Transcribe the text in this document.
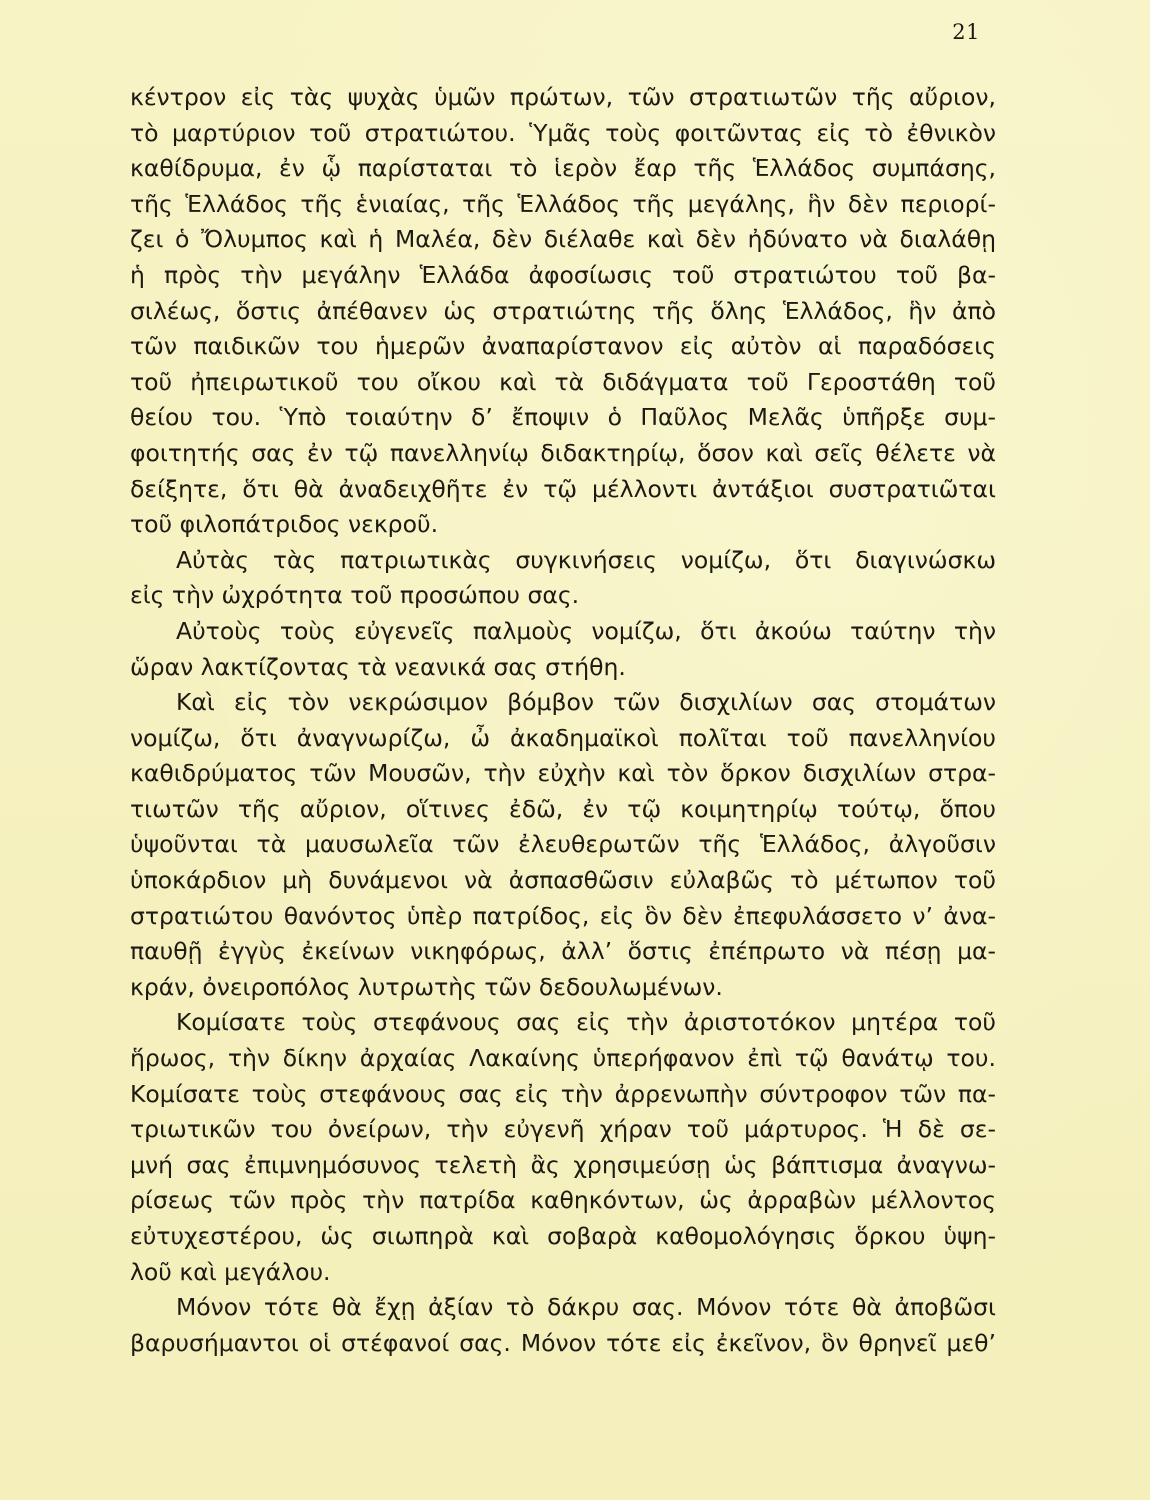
21
κέντρον εἰς τὰς ψυχὰς ὑμῶν πρώτων, τῶν στρατιωτῶν τῆς αὔριον,
τὸ μαρτύριον τοῦ στρατιώτου. Ὑμᾶς τοὺς φοιτῶντας εἰς τὸ ἐθνικὸν
καθίδρυμα, ἐν ᾧ παρίσταται τὸ ἱερὸν ἔαρ τῆς Ἑλλάδος συμπάσης,
τῆς Ἑλλάδος τῆς ἑνιαίας, τῆς Ἑλλάδος τῆς μεγάλης, ἣν δὲν περιορί-
ζει ὁ Ὄλυμπος καὶ ἡ Μαλέα, δὲν διέλαθε καὶ δὲν ἠδύνατο νὰ διαλάθῃ
ἡ πρὸς τὴν μεγάλην Ἑλλάδα ἀφοσίωσις τοῦ στρατιώτου τοῦ βα-
σιλέως, ὅστις ἀπέθανεν ὡς στρατιώτης τῆς ὅλης Ἑλλάδος, ἣν ἀπὸ
τῶν παιδικῶν του ἡμερῶν ἀναπαρίστανον εἰς αὐτὸν αἱ παραδόσεις
τοῦ ἠπειρωτικοῦ του οἴκου καὶ τὰ διδάγματα τοῦ Γεροστάθη τοῦ
θείου του. Ὑπὸ τοιαύτην δ’ ἔποψιν ὁ Παῦλος Μελᾶς ὑπῆρξε συμ-
φοιτητής σας ἐν τῷ πανελληνίῳ διδακτηρίῳ, ὅσον καὶ σεῖς θέλετε νὰ
δείξητε, ὅτι θὰ ἀναδειχθῆτε ἐν τῷ μέλλοντι ἀντάξιοι συστρατιῶται
τοῦ φιλοπάτριδος νεκροῦ.
Αὐτὰς τὰς πατριωτικὰς συγκινήσεις νομίζω, ὅτι διαγινώσκω
εἰς τὴν ὠχρότητα τοῦ προσώπου σας.
Αὐτοὺς τοὺς εὐγενεῖς παλμοὺς νομίζω, ὅτι ἀκούω ταύτην τὴν
ὥραν λακτίζοντας τὰ νεανικά σας στήθη.
Καὶ εἰς τὸν νεκρώσιμον βόμβον τῶν δισχιλίων σας στομάτων
νομίζω, ὅτι ἀναγνωρίζω, ὦ ἀκαδημαϊκοὶ πολῖται τοῦ πανελληνίου
καθιδρύματος τῶν Μουσῶν, τὴν εὐχὴν καὶ τὸν ὅρκον δισχιλίων στρα-
τιωτῶν τῆς αὔριον, οἵτινες ἐδῶ, ἐν τῷ κοιμητηρίῳ τούτῳ, ὅπου
ὑψοῦνται τὰ μαυσωλεῖα τῶν ἐλευθερωτῶν τῆς Ἑλλάδος, ἀλγοῦσιν
ὑποκάρδιον μὴ δυνάμενοι νὰ ἀσπασθῶσιν εὐλαβῶς τὸ μέτωπον τοῦ
στρατιώτου θανόντος ὑπὲρ πατρίδος, εἰς ὃν δὲν ἐπεφυλάσσετο ν’ ἀνα-
παυθῇ ἐγγὺς ἐκείνων νικηφόρως, ἀλλ’ ὅστις ἐπέπρωτο νὰ πέσῃ μα-
κράν, ὀνειροπόλος λυτρωτὴς τῶν δεδουλωμένων.
Κομίσατε τοὺς στεφάνους σας εἰς τὴν ἀριστοτόκον μητέρα τοῦ
ἥρωος, τὴν δίκην ἀρχαίας Λακαίνης ὑπερήφανον ἐπὶ τῷ θανάτῳ του.
Κομίσατε τοὺς στεφάνους σας εἰς τὴν ἀρρενωπὴν σύντροφον τῶν πα-
τριωτικῶν του ὀνείρων, τὴν εὐγενῆ χήραν τοῦ μάρτυρος. Ἡ δὲ σε-
μνή σας ἐπιμνημόσυνος τελετὴ ἂς χρησιμεύσῃ ὡς βάπτισμα ἀναγνω-
ρίσεως τῶν πρὸς τὴν πατρίδα καθηκόντων, ὡς ἀρραβὼν μέλλοντος
εὐτυχεστέρου, ὡς σιωπηρὰ καὶ σοβαρὰ καθομολόγησις ὅρκου ὑψη-
λοῦ καὶ μεγάλου.
Μόνον τότε θὰ ἔχῃ ἀξίαν τὸ δάκρυ σας. Μόνον τότε θὰ ἀποβῶσι
βαρυσήμαντοι οἱ στέφανοί σας. Μόνον τότε εἰς ἐκεῖνον, ὃν θρηνεῖ μεθ’
